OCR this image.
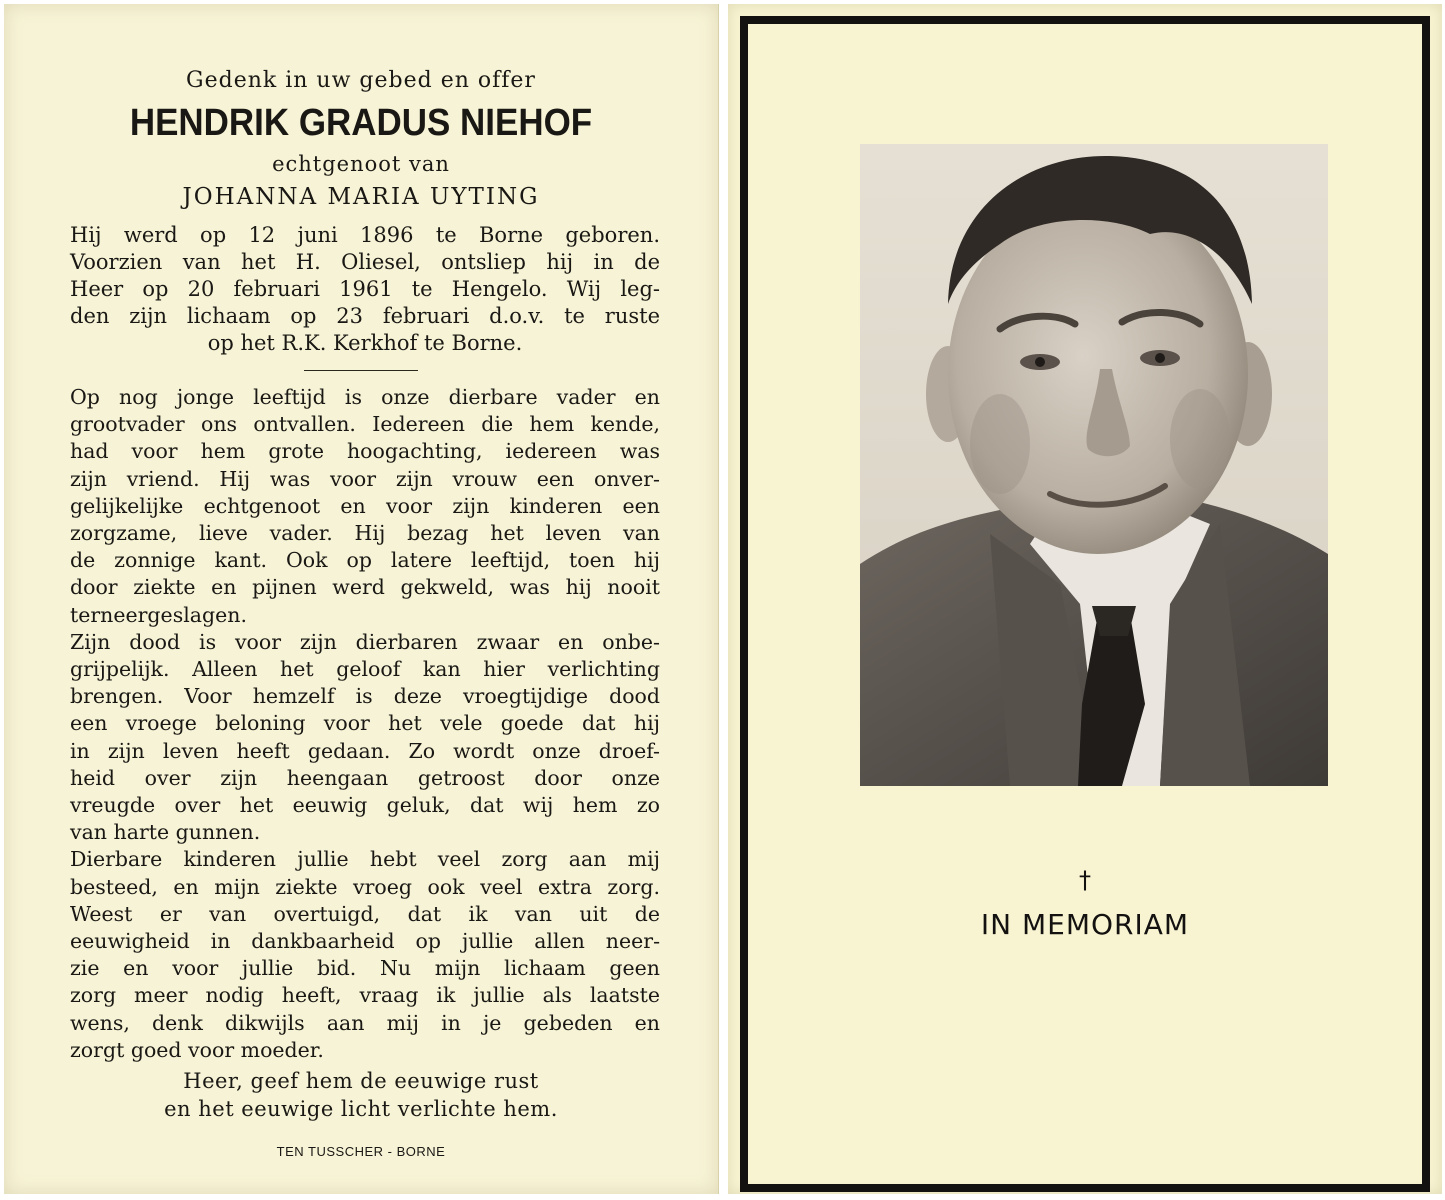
Gedenk in uw gebed en offer
HENDRIK GRADUS NIEHOF
echtgenoot van
JOHANNA MARIA UYTING
Hij werd op 12 juni 1896 te Borne geboren.
Voorzien van het H. Oliesel, ontsliep hij in de
Heer op 20 februari 1961 te Hengelo. Wij leg-
den zijn lichaam op 23 februari d.o.v. te ruste
op het R.K. Kerkhof te Borne.
Op nog jonge leeftijd is onze dierbare vader en
grootvader ons ontvallen. Iedereen die hem kende,
had voor hem grote hoogachting, iedereen was
zijn vriend. Hij was voor zijn vrouw een onver-
gelijkelijke echtgenoot en voor zijn kinderen een
zorgzame, lieve vader. Hij bezag het leven van
de zonnige kant. Ook op latere leeftijd, toen hij
door ziekte en pijnen werd gekweld, was hij nooit
terneergeslagen.
Zijn dood is voor zijn dierbaren zwaar en onbe-
grijpelijk. Alleen het geloof kan hier verlichting
brengen. Voor hemzelf is deze vroegtijdige dood
een vroege beloning voor het vele goede dat hij
in zijn leven heeft gedaan. Zo wordt onze droef-
heid over zijn heengaan getroost door onze
vreugde over het eeuwig geluk, dat wij hem zo
van harte gunnen.
Dierbare kinderen jullie hebt veel zorg aan mij
besteed, en mijn ziekte vroeg ook veel extra zorg.
Weest er van overtuigd, dat ik van uit de
eeuwigheid in dankbaarheid op jullie allen neer-
zie en voor jullie bid. Nu mijn lichaam geen
zorg meer nodig heeft, vraag ik jullie als laatste
wens, denk dikwijls aan mij in je gebeden en
zorgt goed voor moeder.
Heer, geef hem de eeuwige rust
en het eeuwige licht verlichte hem.
TEN TUSSCHER - BORNE
†
IN MEMORIAM
